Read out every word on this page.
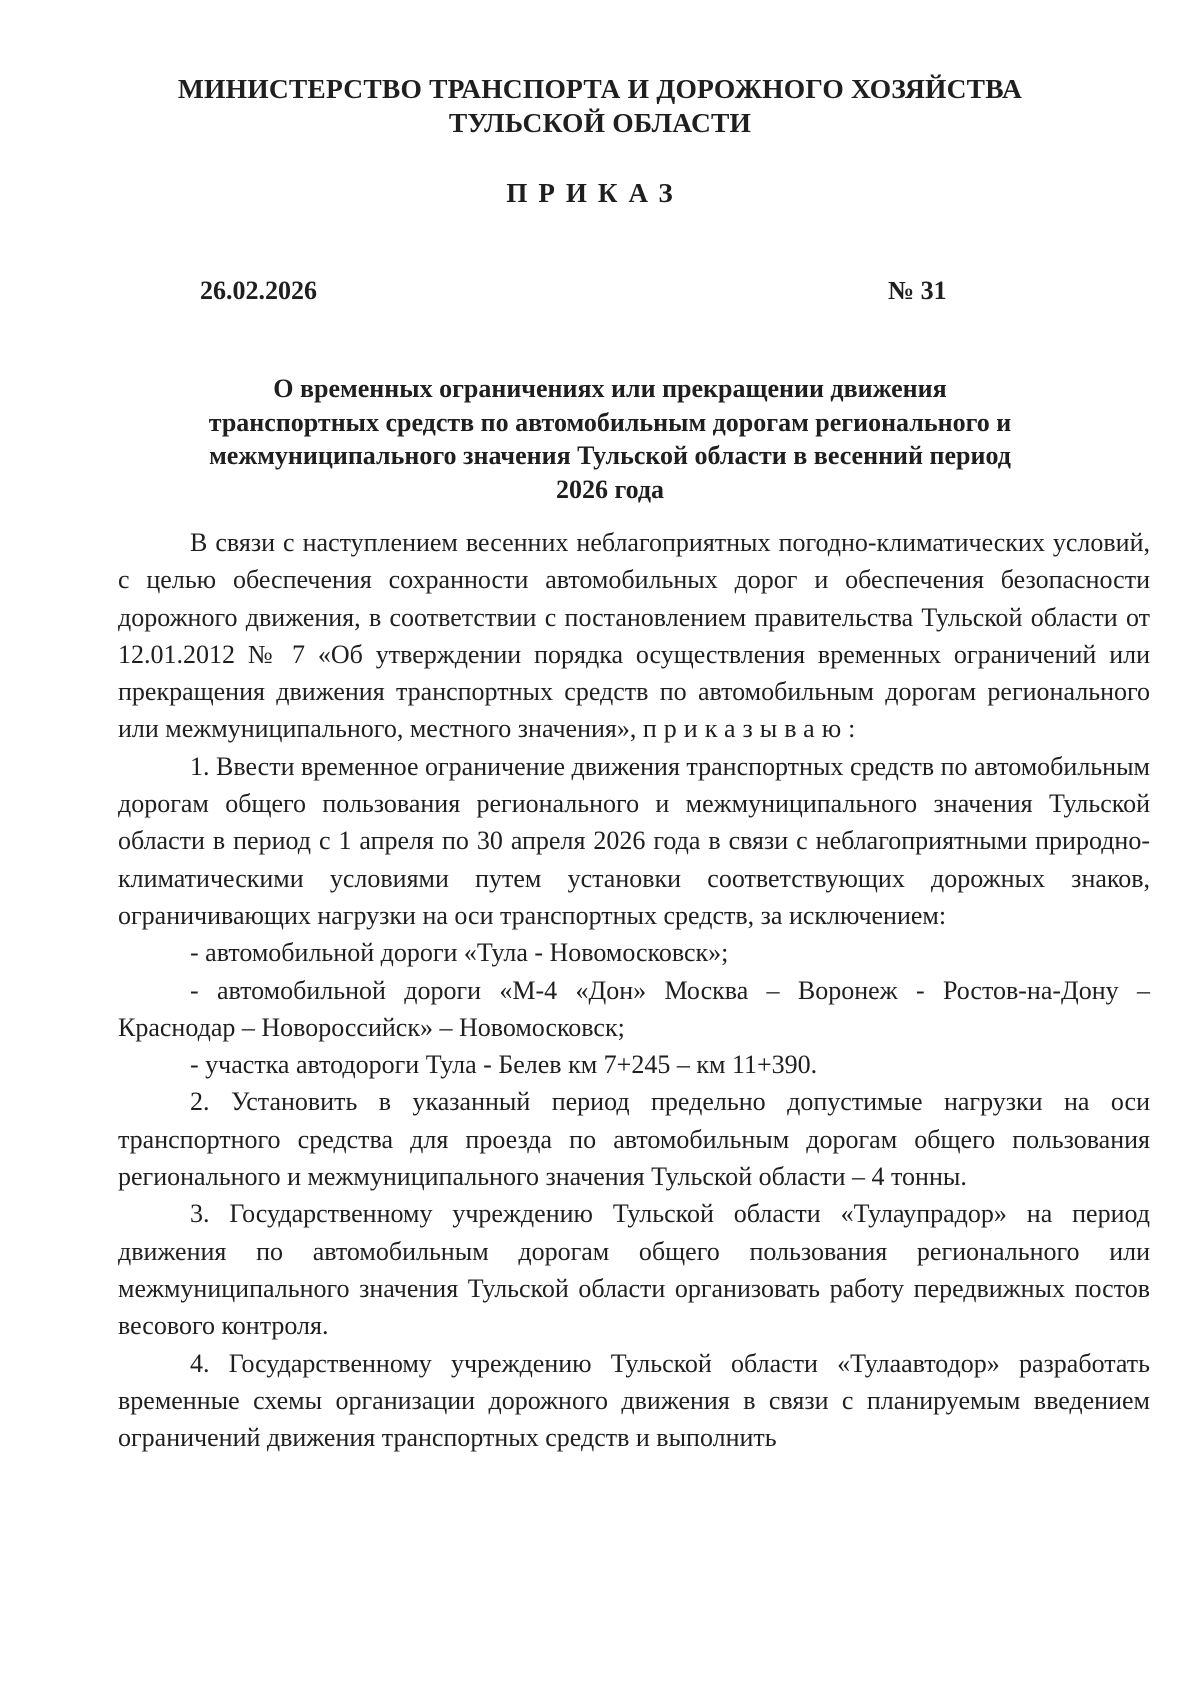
МИНИСТЕРСТВО ТРАНСПОРТА И ДОРОЖНОГО ХОЗЯЙСТВА
ТУЛЬСКОЙ ОБЛАСТИ
ПРИКАЗ
26.02.2026	№ 31
О временных ограничениях или прекращении движения
транспортных средств по автомобильным дорогам регионального и
межмуниципального значения Тульской области в весенний период
2026 года

В связи с наступлением весенних неблагоприятных погодно-климатических условий, с целью обеспечения сохранности автомобильных дорог и обеспечения безопасности дорожного движения, в соответствии с постановлением правительства Тульской области от 12.01.2012 № 7 «Об утверждении порядка осуществления временных ограничений или прекращения движения транспортных средств по автомобильным дорогам регионального или межмуниципального, местного значения», приказываю:

1. Ввести временное ограничение движения транспортных средств по автомобильным дорогам общего пользования регионального и межмуниципального значения Тульской области в период с 1 апреля по 30 апреля 2026 года в связи с неблагоприятными природно-климатическими условиями путем установки соответствующих дорожных знаков, ограничивающих нагрузки на оси транспортных средств, за исключением:

- автомобильной дороги «Тула - Новомосковск»;

- автомобильной дороги «М-4 «Дон» Москва – Воронеж - Ростов-на-Дону – Краснодар – Новороссийск» – Новомосковск;

- участка автодороги Тула - Белев км 7+245 – км 11+390.

2. Установить в указанный период предельно допустимые нагрузки на оси транспортного средства для проезда по автомобильным дорогам общего пользования регионального и межмуниципального значения Тульской области – 4 тонны.

3. Государственному учреждению Тульской области «Тулаупрадор» на период движения по автомобильным дорогам общего пользования регионального или межмуниципального значения Тульской области организовать работу передвижных постов весового контроля.

4. Государственному учреждению Тульской области «Тулаавтодор» разработать временные схемы организации дорожного движения в связи с планируемым введением ограничений движения транспортных средств и выполнить
